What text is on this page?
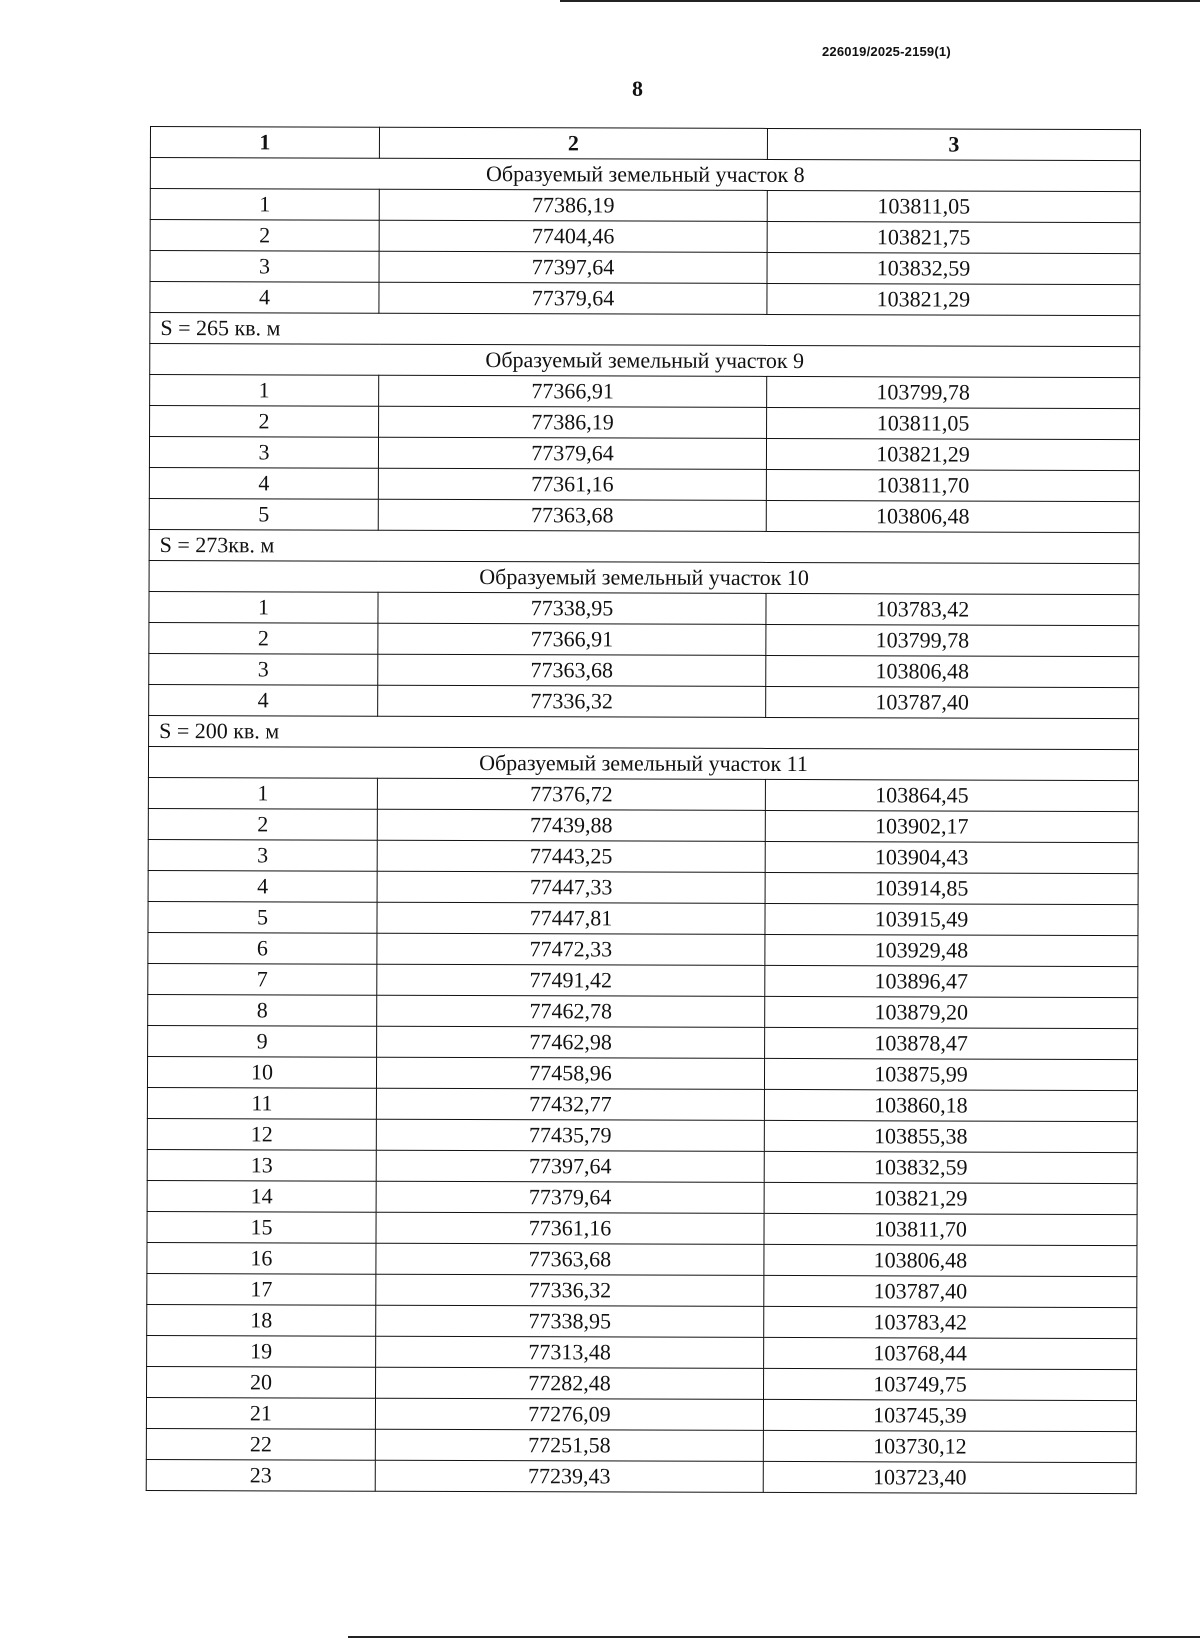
226019/2025-2159(1)
8
1	2	3
Образуемый земельный участок 8		
1	77386,19	103811,05
2	77404,46	103821,75
3	77397,64	103832,59
4	77379,64	103821,29
S = 265 кв. м		
Образуемый земельный участок 9		
1	77366,91	103799,78
2	77386,19	103811,05
3	77379,64	103821,29
4	77361,16	103811,70
5	77363,68	103806,48
S = 273кв. м		
Образуемый земельный участок 10		
1	77338,95	103783,42
2	77366,91	103799,78
3	77363,68	103806,48
4	77336,32	103787,40
S = 200 кв. м		
Образуемый земельный участок 11		
1	77376,72	103864,45
2	77439,88	103902,17
3	77443,25	103904,43
4	77447,33	103914,85
5	77447,81	103915,49
6	77472,33	103929,48
7	77491,42	103896,47
8	77462,78	103879,20
9	77462,98	103878,47
10	77458,96	103875,99
11	77432,77	103860,18
12	77435,79	103855,38
13	77397,64	103832,59
14	77379,64	103821,29
15	77361,16	103811,70
16	77363,68	103806,48
17	77336,32	103787,40
18	77338,95	103783,42
19	77313,48	103768,44
20	77282,48	103749,75
21	77276,09	103745,39
22	77251,58	103730,12
23	77239,43	103723,40
